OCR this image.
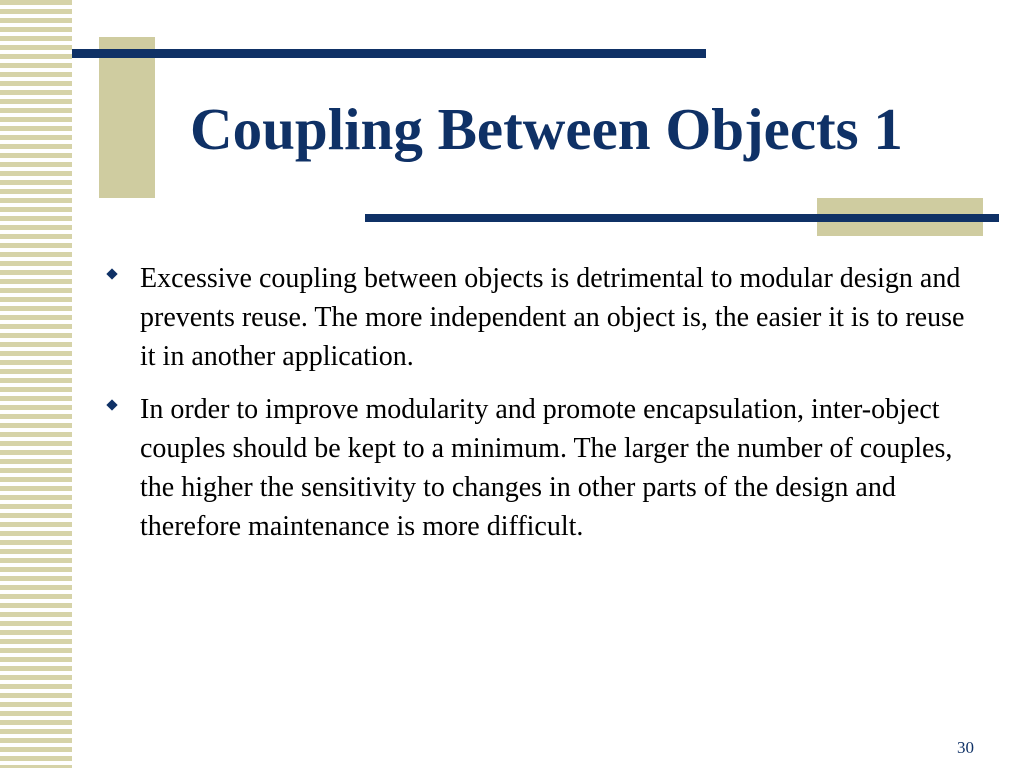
Coupling Between Objects 1
Excessive coupling between objects is detrimental to modular design and prevents reuse. The more independent an object is, the easier it is to reuse it in another application.
In order to improve modularity and promote encapsulation, inter-object couples should be kept to a minimum. The larger the number of couples, the higher the sensitivity to changes in other parts of the design and therefore maintenance is more difficult.
30
